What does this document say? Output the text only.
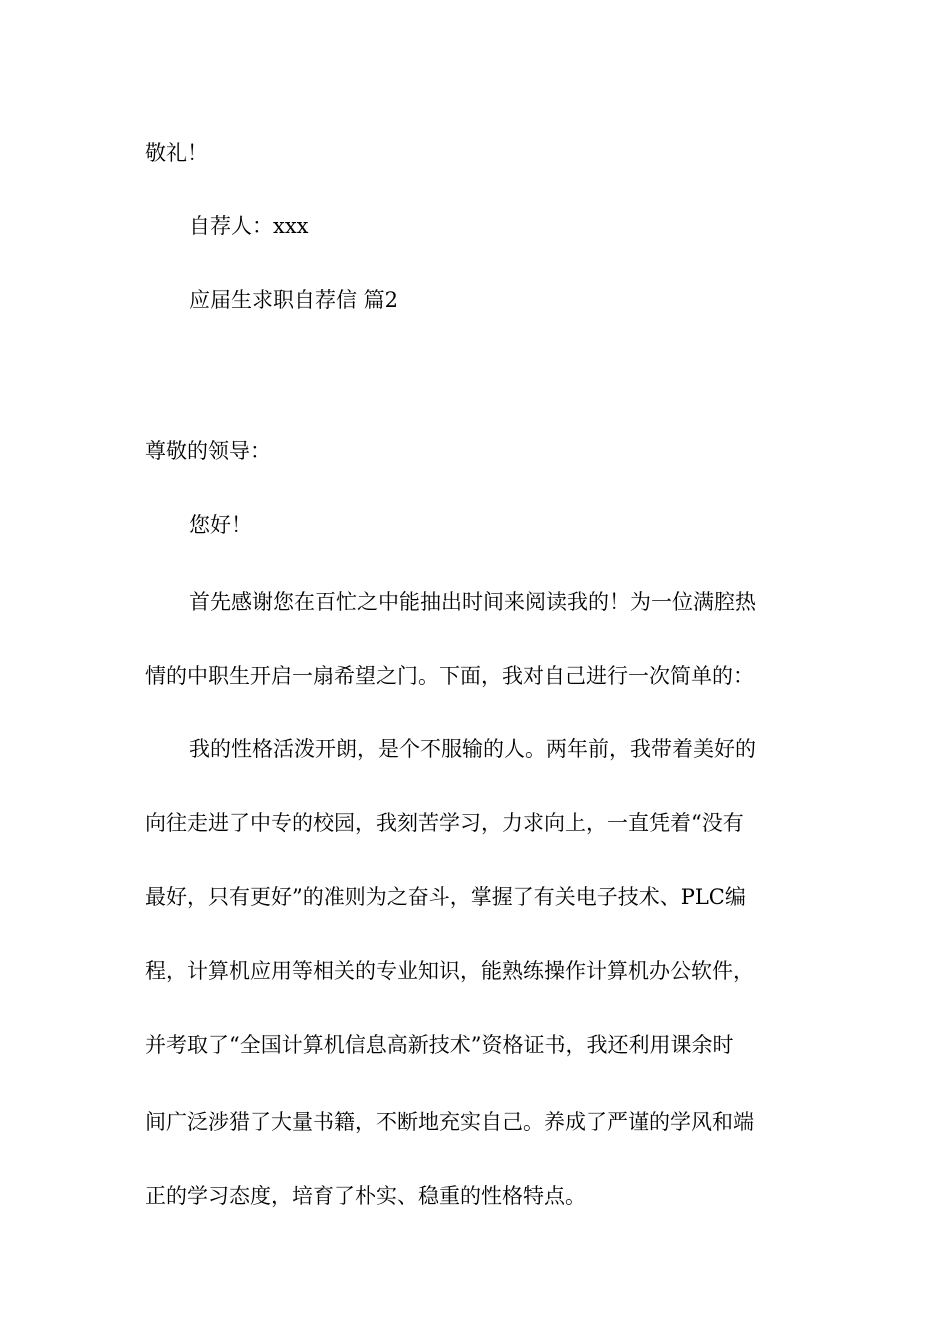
敬礼！
自荐人：xxx
应届生求职自荐信 篇2
尊敬的领导：
您好！
首先感谢您在百忙之中能抽出时间来阅读我的！为一位满腔热
情的中职生开启一扇希望之门。下面，我对自己进行一次简单的：
我的性格活泼开朗，是个不服输的人。两年前，我带着美好的
向往走进了中专的校园，我刻苦学习，力求向上，一直凭着“没有
最好，只有更好”的准则为之奋斗，掌握了有关电子技术、PLC编
程，计算机应用等相关的专业知识，能熟练操作计算机办公软件，
并考取了“全国计算机信息高新技术”资格证书，我还利用课余时
间广泛涉猎了大量书籍，不断地充实自己。养成了严谨的学风和端
正的学习态度，培育了朴实、稳重的性格特点。
